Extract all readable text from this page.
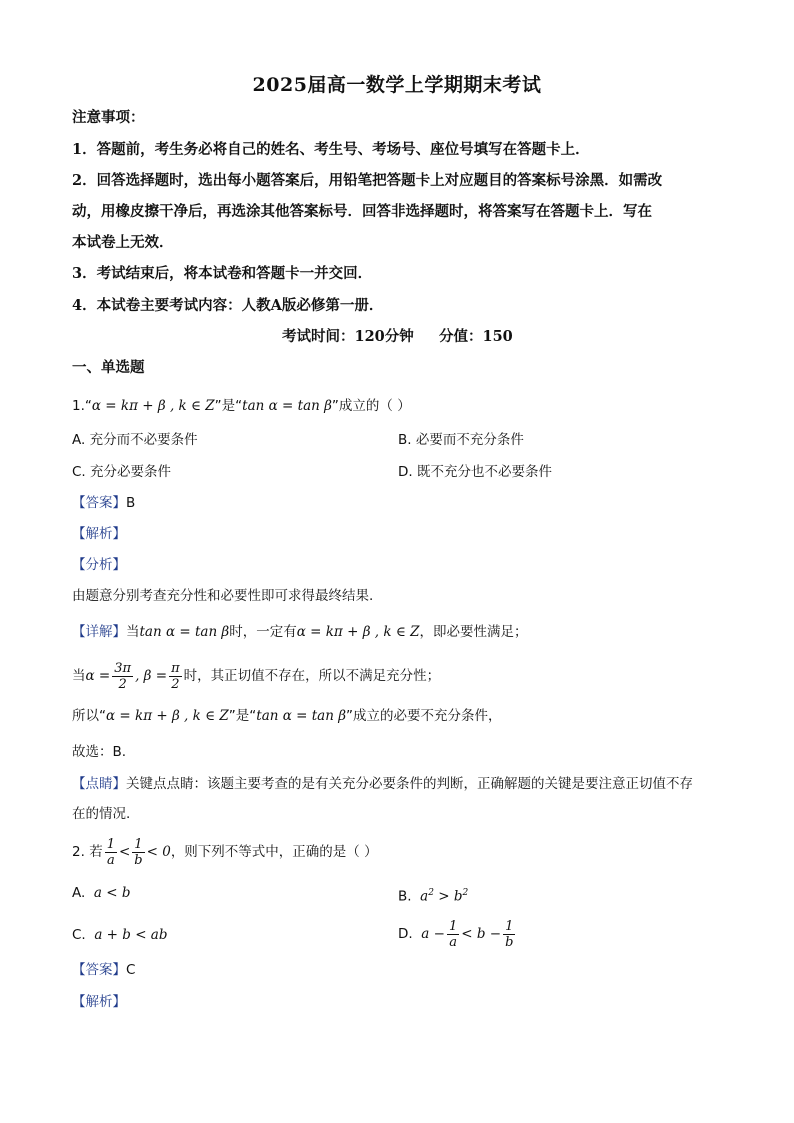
2025届高一数学上学期期末考试
注意事项：
1．答题前，考生务必将自己的姓名、考生号、考场号、座位号填写在答题卡上．
2．回答选择题时，选出每小题答案后，用铅笔把答题卡上对应题目的答案标号涂黑．如需改
动，用橡皮擦干净后，再选涂其他答案标号．回答非选择题时，将答案写在答题卡上．写在
本试卷上无效．
3．考试结束后，将本试卷和答题卡一并交回．
4．本试卷主要考试内容：人教A版必修第一册．
考试时间：120分钟     分值：150
一、单选题
1.“α = kπ + β , k ∈ Z”是“tan α = tan β”成立的（ ）
A. 充分而不必要条件	B. 必要而不充分条件
C. 充分必要条件	D. 既不充分也不必要条件
【答案】B
【解析】
【分析】
由题意分别考查充分性和必要性即可求得最终结果.
【详解】当tan α = tan β时，一定有α = kπ + β , k ∈ Z，即必要性满足；
当$\alpha = \frac{3\pi}{2}$ , $\beta = \frac{\pi}{2}$ 时，其正切值不存在，所以不满足充分性；
所以“α = kπ + β , k ∈ Z”是“tan α = tan β”成立的必要不充分条件，
故选：B.
【点睛】关键点点睛：该题主要考查的是有关充分必要条件的判断，正确解题的关键是要注意正切值不存
在的情况.
2. 若 $\frac{1}{a} < \frac{1}{b} < 0$，则下列不等式中，正确的是（ ）
A. a < b	B. $a^2 > b^2$
C. a + b < ab	D. $a - \frac{1}{a} < b - \frac{1}{b}$
【答案】C
【解析】
